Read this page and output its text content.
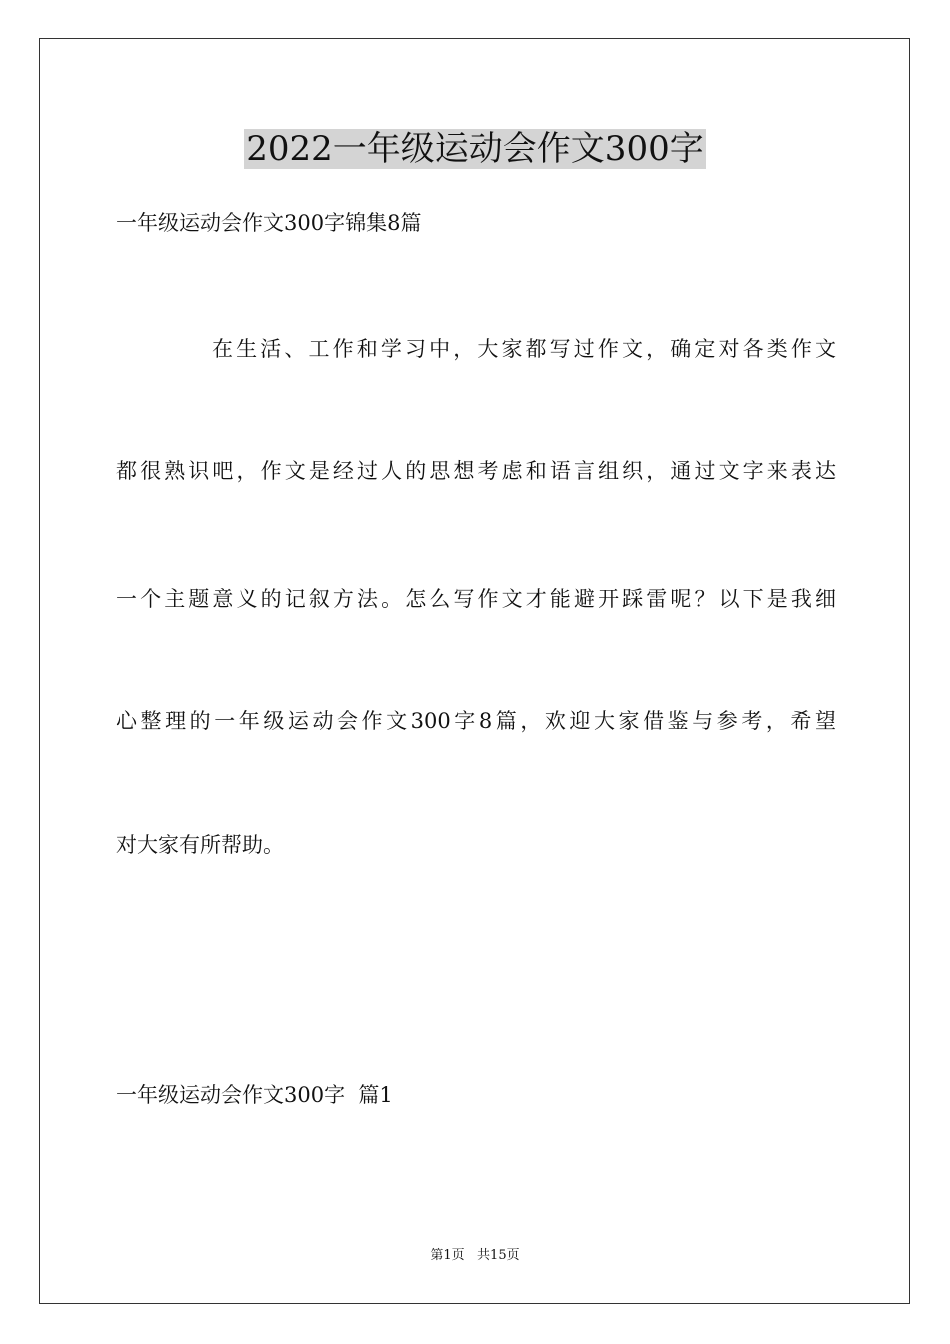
2022一年级运动会作文300字
一年级运动会作文300字锦集8篇
在生活、工作和学习中，大家都写过作文，确定对各类作文
都很熟识吧，作文是经过人的思想考虑和语言组织，通过文字来表达
一个主题意义的记叙方法。怎么写作文才能避开踩雷呢？以下是我细
心整理的一年级运动会作文300字8篇，欢迎大家借鉴与参考，希望
对大家有所帮助。
一年级运动会作文300字  篇1
第1页   共15页
